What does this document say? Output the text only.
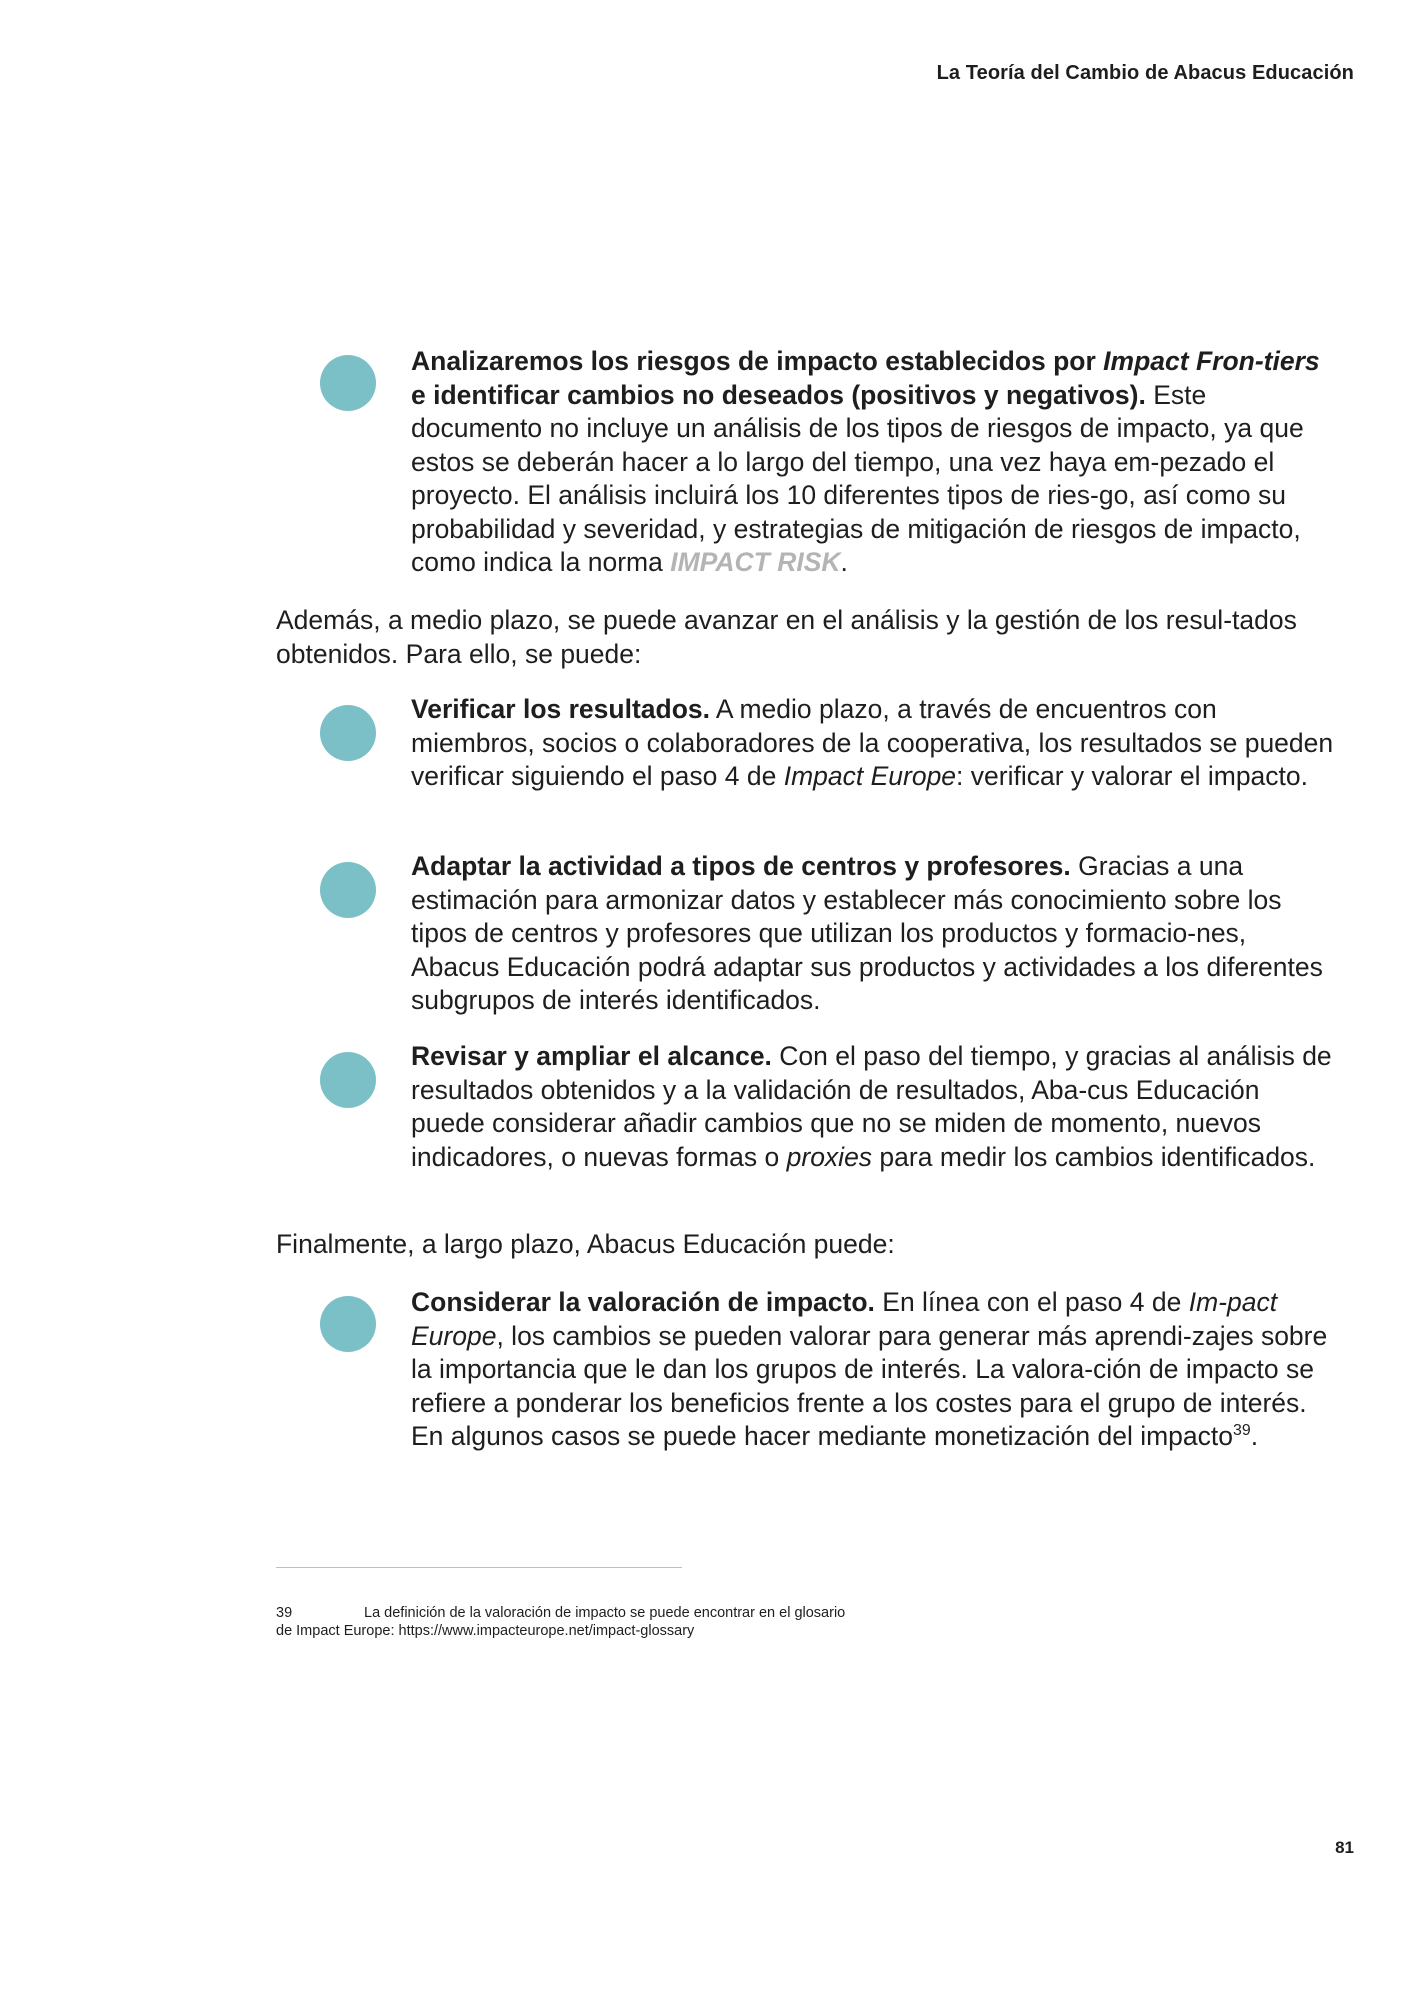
La Teoría del Cambio de Abacus Educación

Analizaremos los riesgos de impacto establecidos por Impact Fron-tiers e identificar cambios no deseados (positivos y negativos). Este documento no incluye un análisis de los tipos de riesgos de impacto, ya que estos se deberán hacer a lo largo del tiempo, una vez haya em-pezado el proyecto. El análisis incluirá los 10 diferentes tipos de ries-go, así como su probabilidad y severidad, y estrategias de mitigación de riesgos de impacto, como indica la norma IMPACT RISK.

Además, a medio plazo, se puede avanzar en el análisis y la gestión de los resul-tados obtenidos. Para ello, se puede:

Verificar los resultados. A medio plazo, a través de encuentros con miembros, socios o colaboradores de la cooperativa, los resultados se pueden verificar siguiendo el paso 4 de Impact Europe: verificar y valorar el impacto.

Adaptar la actividad a tipos de centros y profesores. Gracias a una estimación para armonizar datos y establecer más conocimiento sobre los tipos de centros y profesores que utilizan los productos y formacio-nes, Abacus Educación podrá adaptar sus productos y actividades a los diferentes subgrupos de interés identificados.

Revisar y ampliar el alcance. Con el paso del tiempo, y gracias al análisis de resultados obtenidos y a la validación de resultados, Aba-cus Educación puede considerar añadir cambios que no se miden de momento, nuevos indicadores, o nuevas formas o proxies para medir los cambios identificados.

Finalmente, a largo plazo, Abacus Educación puede:

Considerar la valoración de impacto. En línea con el paso 4 de Im-pact Europe, los cambios se pueden valorar para generar más aprendi-zajes sobre la importancia que le dan los grupos de interés. La valora-ción de impacto se refiere a ponderar los beneficios frente a los costes para el grupo de interés. En algunos casos se puede hacer mediante monetización del impacto$^{39}$.

39	La definición de la valoración de impacto se puede encontrar en el glosario
de Impact Europe: https://www.impacteurope.net/impact-glossary
81
